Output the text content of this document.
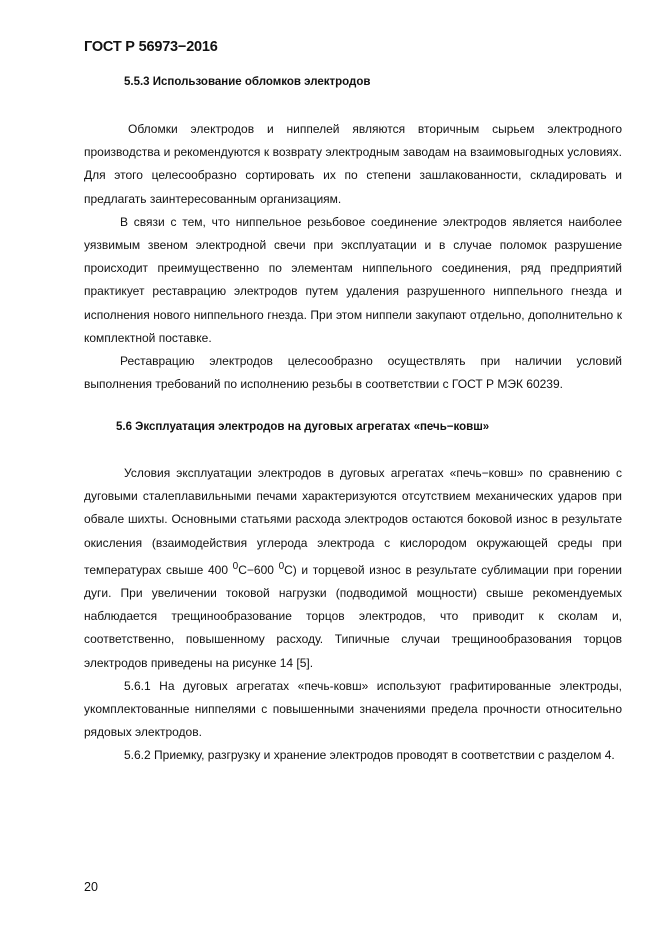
ГОСТ Р 56973−2016
5.5.3 Использование обломков электродов

Обломки электродов и ниппелей являются вторичным сырьем электродного производства и рекомендуются к возврату электродным заводам на взаимовыгодных условиях. Для этого целесообразно сортировать их по степени зашлакованности, складировать и предлагать заинтересованным организациям.

В связи с тем, что ниппельное резьбовое соединение электродов является наиболее уязвимым звеном электродной свечи при эксплуатации и в случае поломок разрушение происходит преимущественно по элементам ниппельного соединения, ряд предприятий практикует реставрацию электродов путем удаления разрушенного ниппельного гнезда и исполнения нового ниппельного гнезда. При этом ниппели закупают отдельно, дополнительно к комплектной поставке.

Реставрацию электродов целесообразно осуществлять при наличии условий выполнения требований по исполнению резьбы в соответствии с ГОСТ Р МЭК 60239.

5.6 Эксплуатация электродов на дуговых агрегатах «печь−ковш»

Условия эксплуатации электродов в дуговых агрегатах «печь−ковш» по сравнению с дуговыми сталеплавильными печами характеризуются отсутствием механических ударов при обвале шихты. Основными статьями расхода электродов остаются боковой износ в результате окисления (взаимодействия углерода электрода с кислородом окружающей среды при температурах свыше 400 $^0$С−600 $^0$С) и торцевой износ в результате сублимации при горении дуги. При увеличении токовой нагрузки (подводимой мощности) свыше рекомендуемых наблюдается трещинообразование торцов электродов, что приводит к сколам и, соответственно, повышенному расходу. Типичные случаи трещинообразования торцов электродов приведены на рисунке 14 [5].

5.6.1 На дуговых агрегатах «печь-ковш» используют графитированные электроды, укомплектованные ниппелями с повышенными значениями предела прочности относительно рядовых электродов.

5.6.2 Приемку, разгрузку и хранение электродов проводят в соответствии с разделом 4.

20
